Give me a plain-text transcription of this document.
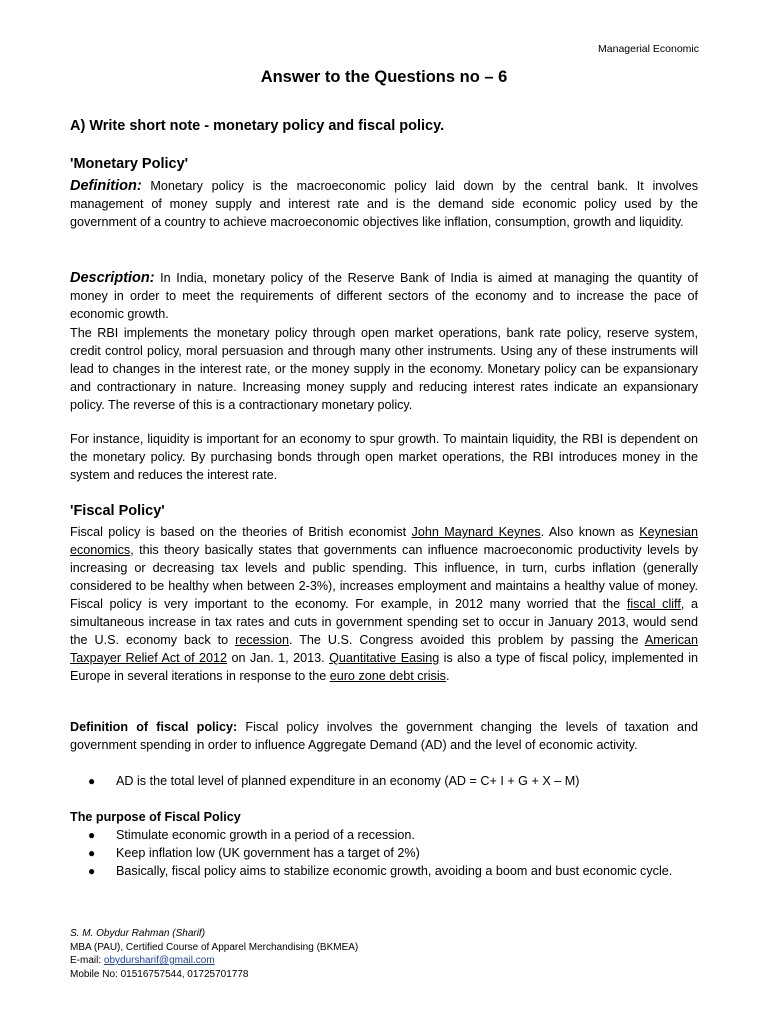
Managerial Economic
Answer to the Questions no – 6
A) Write short note - monetary policy and fiscal policy.
'Monetary Policy'

Definition: Monetary policy is the macroeconomic policy laid down by the central bank. It involves management of money supply and interest rate and is the demand side economic policy used by the government of a country to achieve macroeconomic objectives like inflation, consumption, growth and liquidity.

Description: In India, monetary policy of the Reserve Bank of India is aimed at managing the quantity of money in order to meet the requirements of different sectors of the economy and to increase the pace of economic growth.

The RBI implements the monetary policy through open market operations, bank rate policy, reserve system, credit control policy, moral persuasion and through many other instruments. Using any of these instruments will lead to changes in the interest rate, or the money supply in the economy. Monetary policy can be expansionary and contractionary in nature. Increasing money supply and reducing interest rates indicate an expansionary policy. The reverse of this is a contractionary monetary policy.

For instance, liquidity is important for an economy to spur growth. To maintain liquidity, the RBI is dependent on the monetary policy. By purchasing bonds through open market operations, the RBI introduces money in the system and reduces the interest rate.

'Fiscal Policy'

Fiscal policy is based on the theories of British economist John Maynard Keynes. Also known as Keynesian economics, this theory basically states that governments can influence macroeconomic productivity levels by increasing or decreasing tax levels and public spending. This influence, in turn, curbs inflation (generally considered to be healthy when between 2-3%), increases employment and maintains a healthy value of money. Fiscal policy is very important to the economy. For example, in 2012 many worried that the fiscal cliff, a simultaneous increase in tax rates and cuts in government spending set to occur in January 2013, would send the U.S. economy back to recession. The U.S. Congress avoided this problem by passing the American Taxpayer Relief Act of 2012 on Jan. 1, 2013. Quantitative Easing is also a type of fiscal policy, implemented in Europe in several iterations in response to the euro zone debt crisis.

Definition of fiscal policy: Fiscal policy involves the government changing the levels of taxation and government spending in order to influence Aggregate Demand (AD) and the level of economic activity.

● AD is the total level of planned expenditure in an economy (AD = C+ I + G + X – M)
The purpose of Fiscal Policy
● Stimulate economic growth in a period of a recession.
● Keep inflation low (UK government has a target of 2%)
● Basically, fiscal policy aims to stabilize economic growth, avoiding a boom and bust economic cycle.
S. M. Obydur Rahman (Sharif)
MBA (PAU), Certified Course of Apparel Merchandising (BKMEA)
E-mail: obydursharif@gmail.com
Mobile No: 01516757544, 01725701778
